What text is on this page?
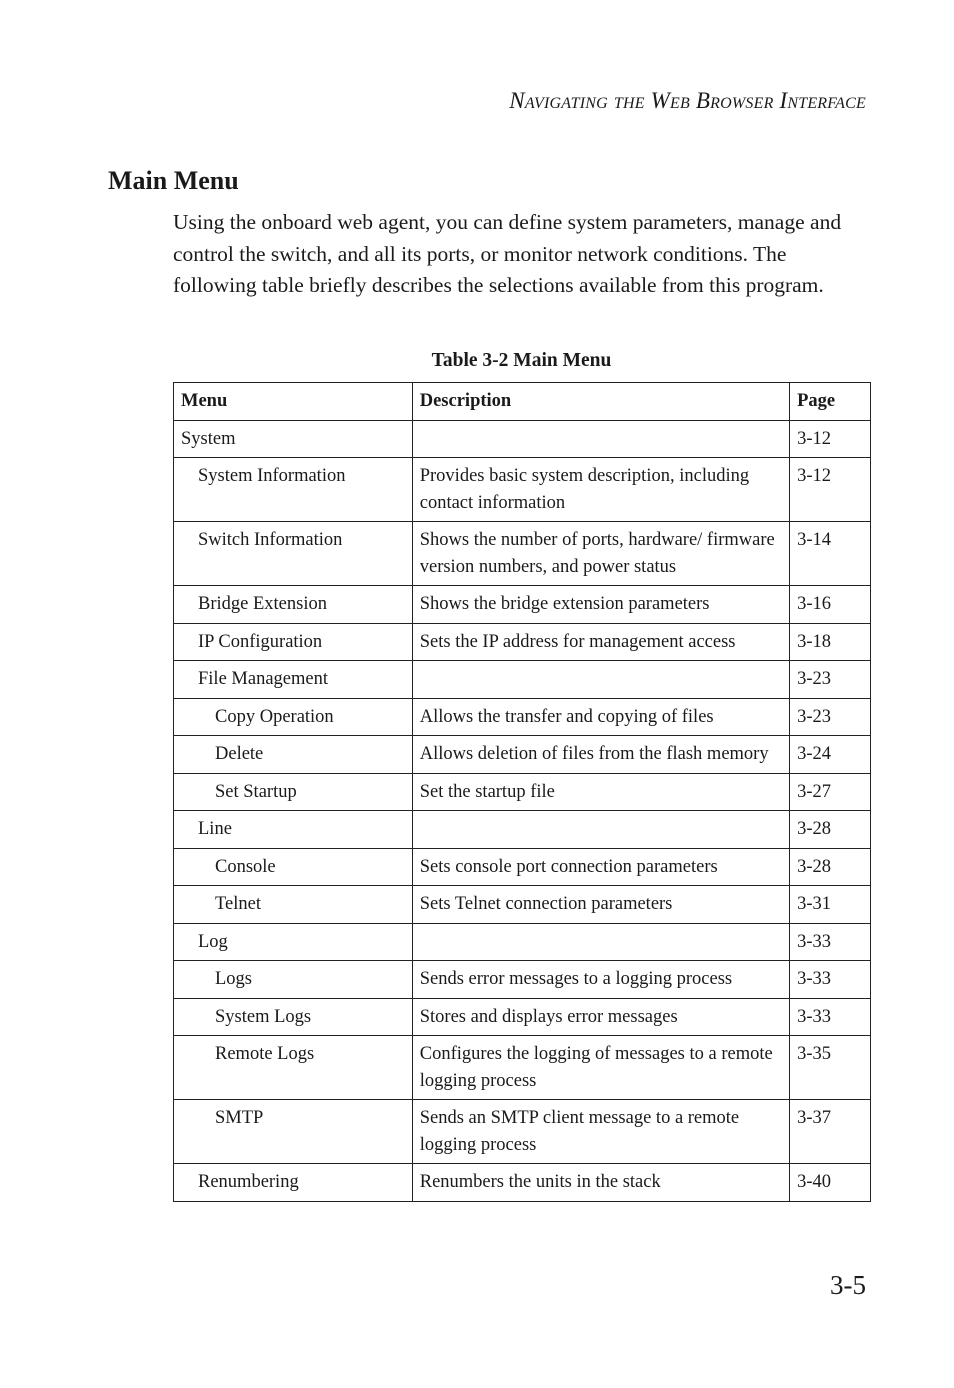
Navigating the Web Browser Interface
Main Menu

Using the onboard web agent, you can define system parameters, manage and control the switch, and all its ports, or monitor network conditions. The following table briefly describes the selections available from this program.

Table 3-2 Main Menu
Menu	Description	Page
System		3-12
System Information	Provides basic system description, including contact information	3-12
Switch Information	Shows the number of ports, hardware/ firmware version numbers, and power status	3-14
Bridge Extension	Shows the bridge extension parameters	3-16
IP Configuration	Sets the IP address for management access	3-18
File Management		3-23
Copy Operation	Allows the transfer and copying of files	3-23
Delete	Allows deletion of files from the flash memory	3-24
Set Startup	Set the startup file	3-27
Line		3-28
Console	Sets console port connection parameters	3-28
Telnet	Sets Telnet connection parameters	3-31
Log		3-33
Logs	Sends error messages to a logging process	3-33
System Logs	Stores and displays error messages	3-33
Remote Logs	Configures the logging of messages to a remote logging process	3-35
SMTP	Sends an SMTP client message to a remote logging process	3-37
Renumbering	Renumbers the units in the stack	3-40
3-5
